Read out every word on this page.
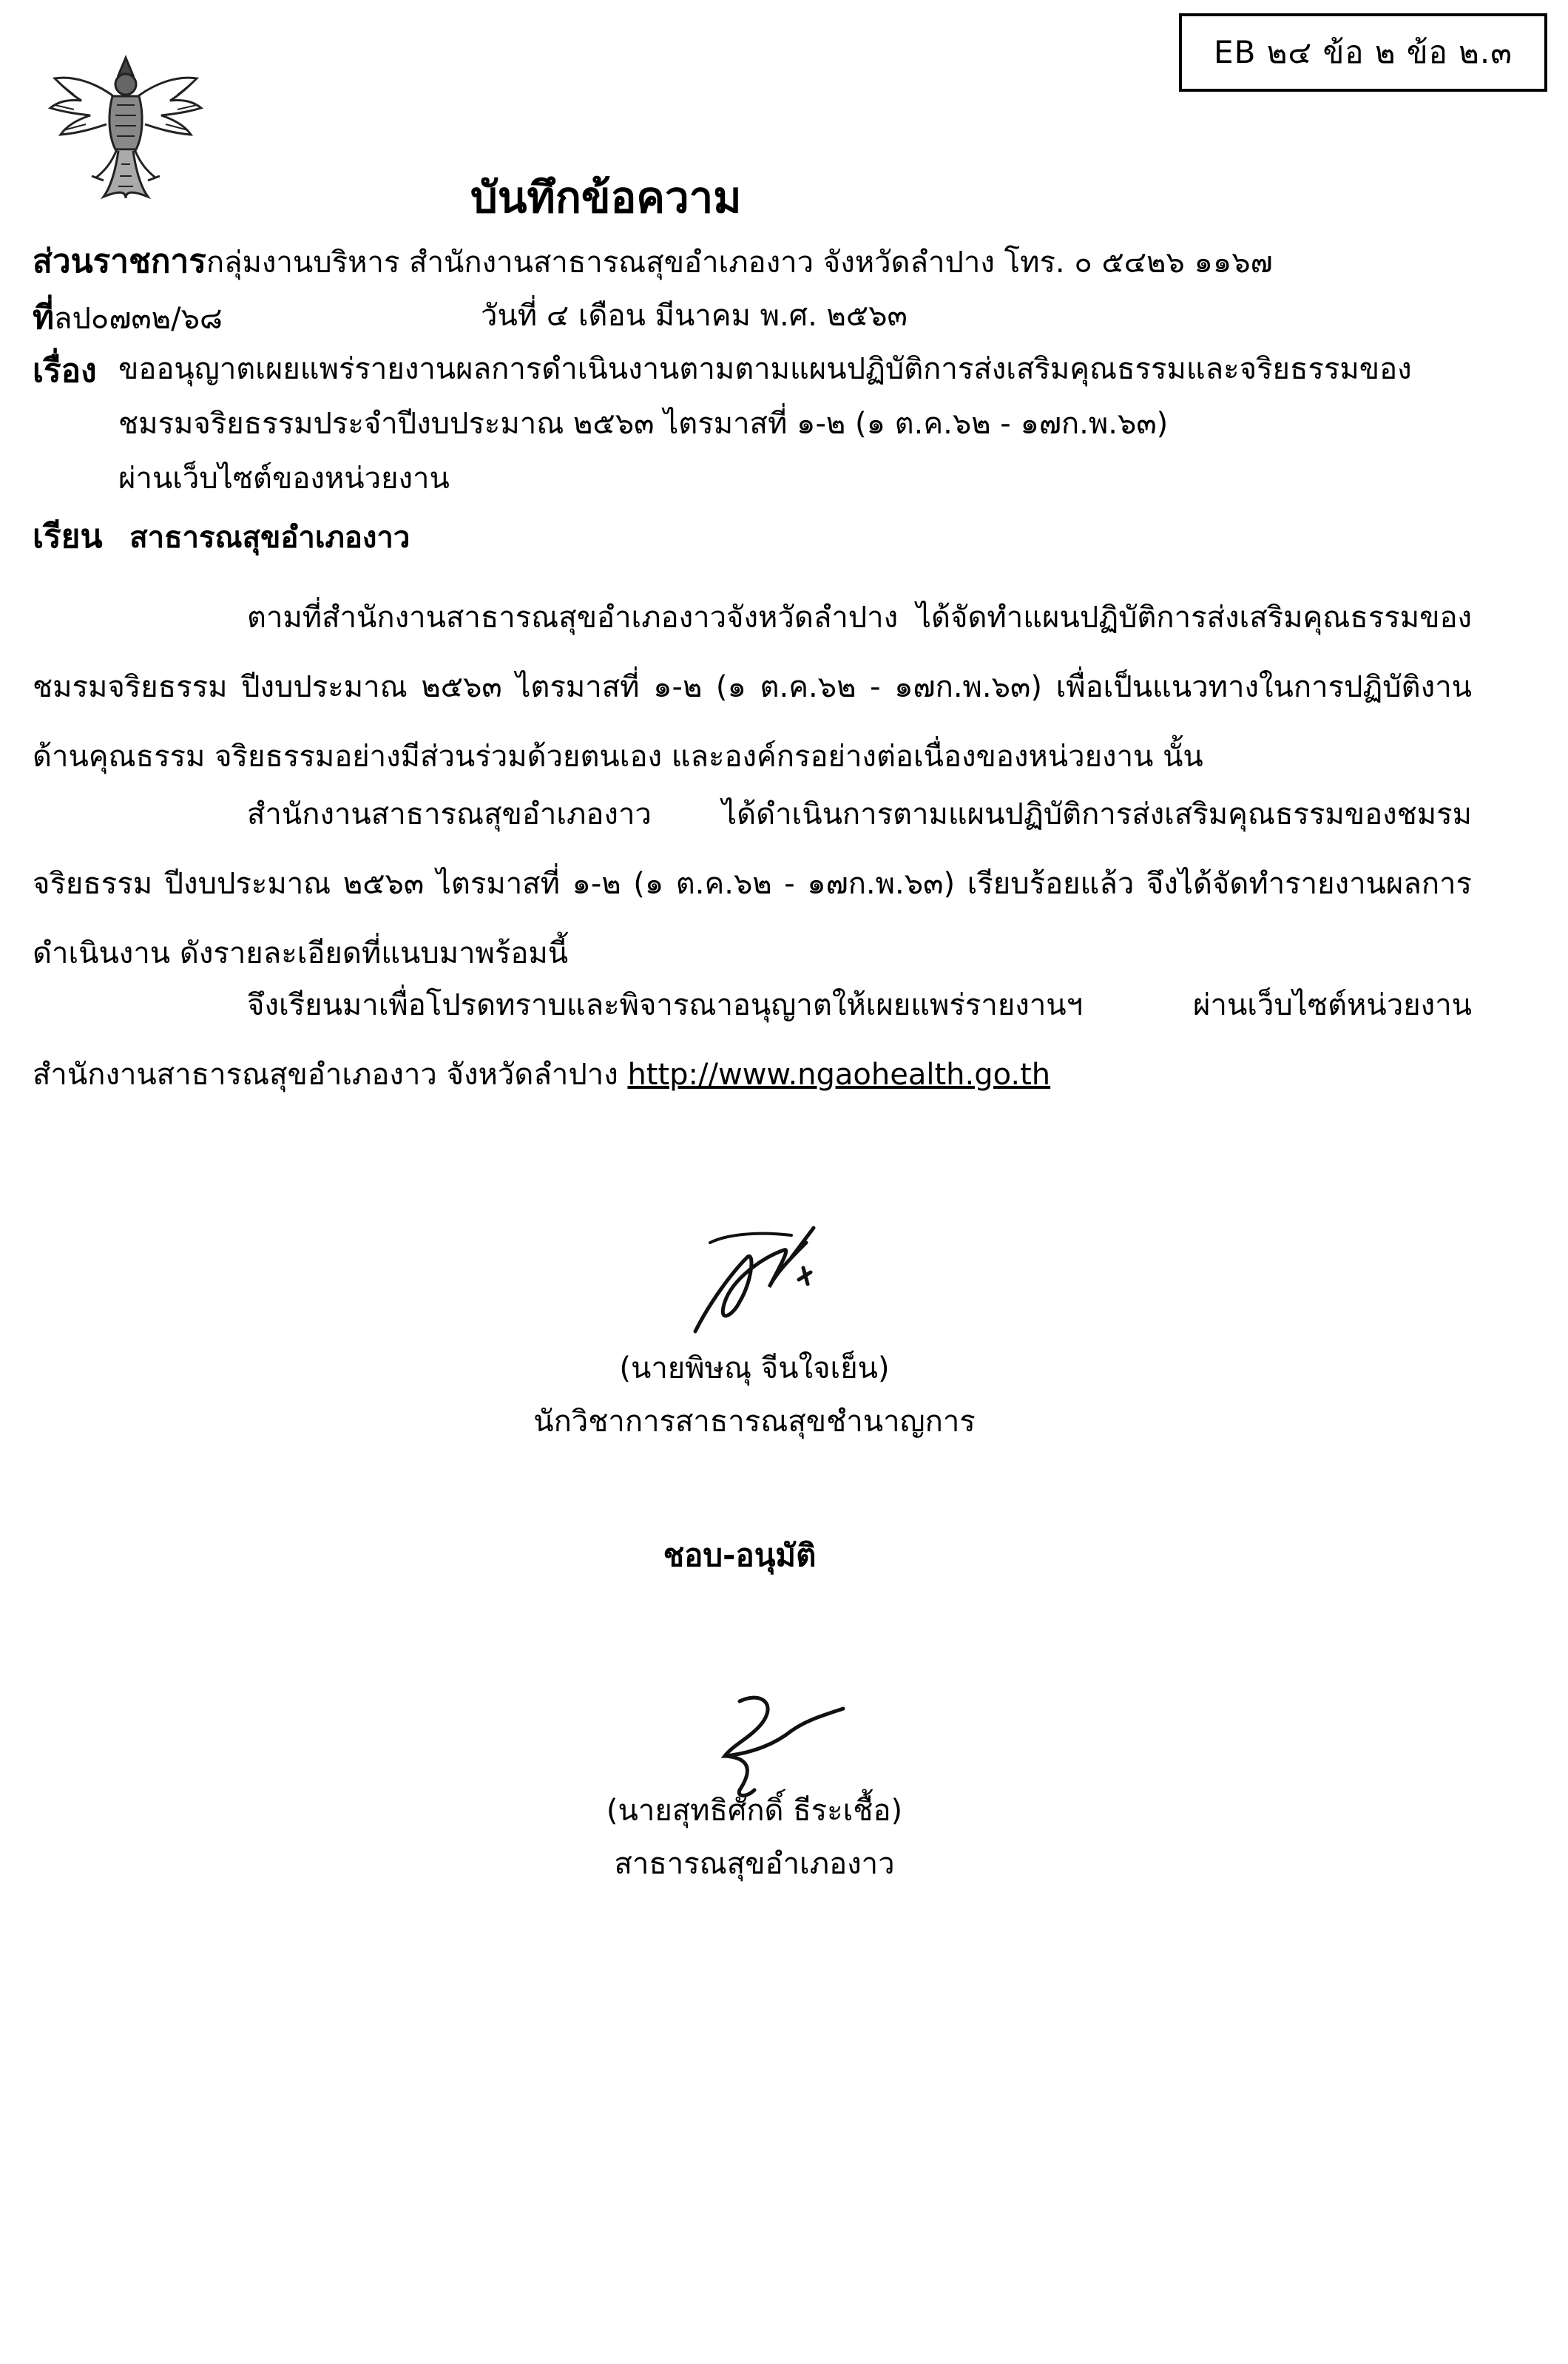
EB ๒๔ ข้อ ๒ ข้อ ๒.๓
บันทึกข้อความ
ส่วนราชการกลุ่มงานบริหาร สำนักงานสาธารณสุขอำเภองาว จังหวัดลำปาง โทร. ๐ ๕๔๒๖ ๑๑๖๗
ที่ลป๐๗๓๒/๖๘	วันที่ ๔ เดือน มีนาคม พ.ศ. ๒๕๖๓
เรื่อง ขออนุญาตเผยแพร่รายงานผลการดำเนินงานตามตามแผนปฏิบัติการส่งเสริมคุณธรรมและจริยธรรมของ
ชมรมจริยธรรมประจำปีงบประมาณ ๒๕๖๓ ไตรมาสที่ ๑-๒ (๑ ต.ค.๖๒ - ๑๗ก.พ.๖๓)
ผ่านเว็บไซต์ของหน่วยงาน
เรียน สาธารณสุขอำเภองาว
ตามที่สำนักงานสาธารณสุขอำเภองาวจังหวัดลำปาง ได้จัดทำแผนปฏิบัติการส่งเสริมคุณธรรมของชมรมจริยธรรม ปีงบประมาณ ๒๕๖๓ ไตรมาสที่ ๑-๒ (๑ ต.ค.๖๒ - ๑๗ก.พ.๖๓) เพื่อเป็นแนวทางในการปฏิบัติงานด้านคุณธรรม จริยธรรมอย่างมีส่วนร่วมด้วยตนเอง และองค์กรอย่างต่อเนื่องของหน่วยงาน นั้น
สำนักงานสาธารณสุขอำเภองาว ได้ดำเนินการตามแผนปฏิบัติการส่งเสริมคุณธรรมของชมรมจริยธรรม ปีงบประมาณ ๒๕๖๓ ไตรมาสที่ ๑-๒ (๑ ต.ค.๖๒ - ๑๗ก.พ.๖๓) เรียบร้อยแล้ว จึงได้จัดทำรายงานผลการดำเนินงาน ดังรายละเอียดที่แนบมาพร้อมนี้
จึงเรียนมาเพื่อโปรดทราบและพิจารณาอนุญาตให้เผยแพร่รายงานฯ ผ่านเว็บไซต์หน่วยงานสำนักงานสาธารณสุขอำเภองาว จังหวัดลำปาง http://www.ngaohealth.go.th
(นายพิษณุ จีนใจเย็น)
นักวิชาการสาธารณสุขชำนาญการ
ชอบ-อนุมัติ
(นายสุทธิศักดิ์ ธีระเชื้อ)
สาธารณสุขอำเภองาว
